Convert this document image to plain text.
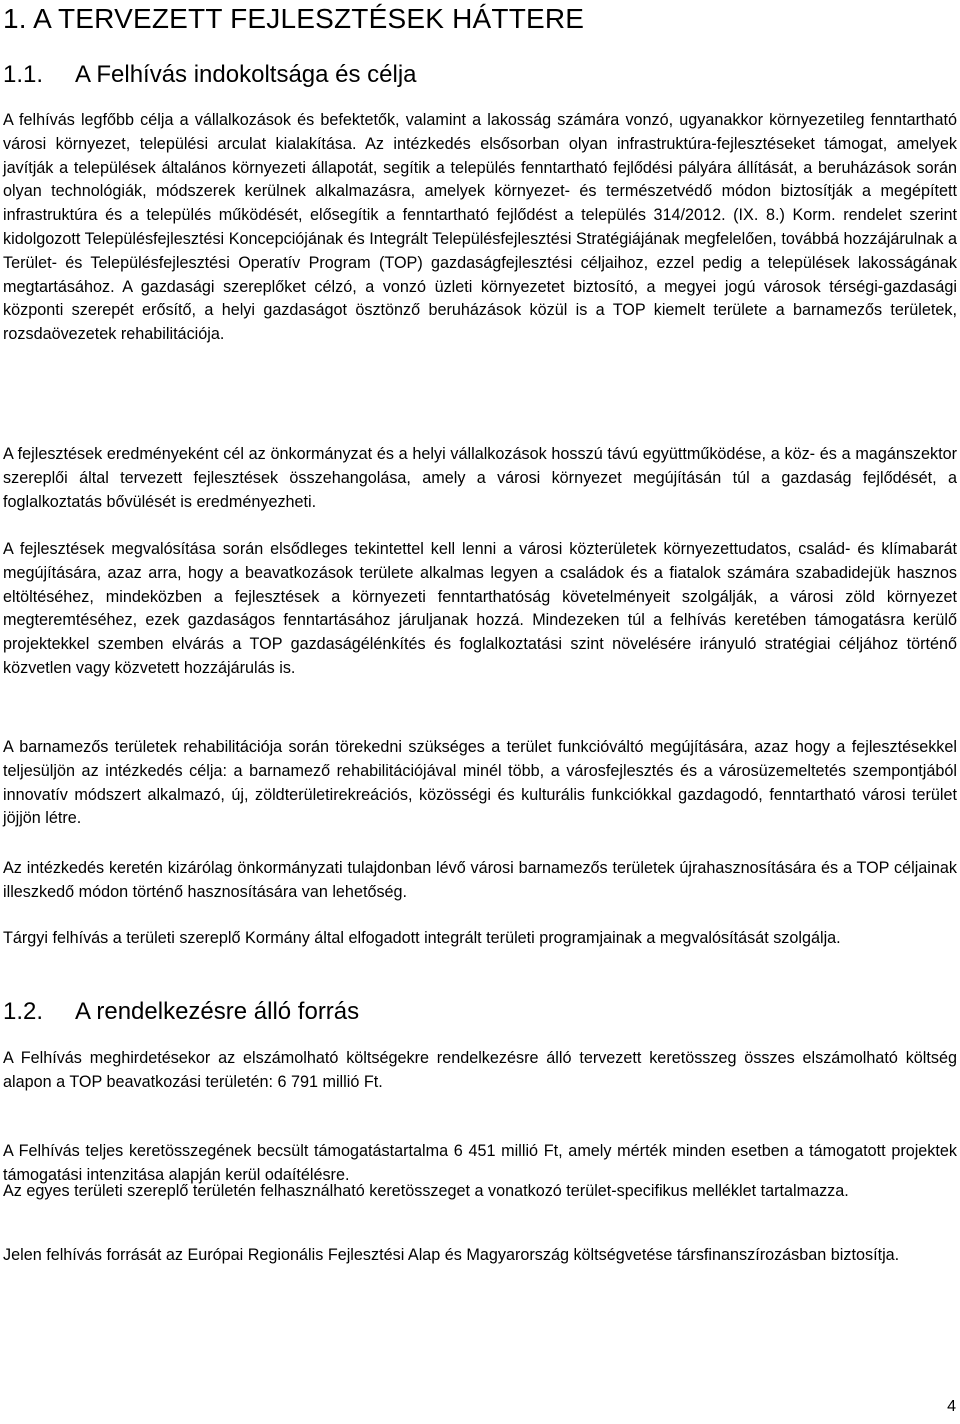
1. A TERVEZETT FEJLESZTÉSEK HÁTTERE
1.1. A Felhívás indokoltsága és célja

A felhívás legfőbb célja a vállalkozások és befektetők, valamint a lakosság számára vonzó, ugyanakkor környezetileg fenntartható városi környezet, települési arculat kialakítása. Az intézkedés elsősorban olyan infrastruktúra-fejlesztéseket támogat, amelyek javítják a települések általános környezeti állapotát, segítik a település fenntartható fejlődési pályára állítását, a beruházások során olyan technológiák, módszerek kerülnek alkalmazásra, amelyek környezet- és természetvédő módon biztosítják a megépített infrastruktúra és a település működését, elősegítik a fenntartható fejlődést a település 314/2012. (IX. 8.) Korm. rendelet szerint kidolgozott Településfejlesztési Koncepciójának és Integrált Településfejlesztési Stratégiájának megfelelően, továbbá hozzájárulnak a Terület- és Településfejlesztési Operatív Program (TOP) gazdaságfejlesztési céljaihoz, ezzel pedig a települések lakosságának megtartásához. A gazdasági szereplőket célzó, a vonzó üzleti környezetet biztosító, a megyei jogú városok térségi-gazdasági központi szerepét erősítő, a helyi gazdaságot ösztönző beruházások közül is a TOP kiemelt területe a barnamezős területek, rozsdaövezetek rehabilitációja.

A fejlesztések eredményeként cél az önkormányzat és a helyi vállalkozások hosszú távú együttműködése, a köz- és a magánszektor szereplői által tervezett fejlesztések összehangolása, amely a városi környezet megújításán túl a gazdaság fejlődését, a foglalkoztatás bővülését is eredményezheti.

A fejlesztések megvalósítása során elsődleges tekintettel kell lenni a városi közterületek környezettudatos, család- és klímabarát megújítására, azaz arra, hogy a beavatkozások területe alkalmas legyen a családok és a fiatalok számára szabadidejük hasznos eltöltéséhez, mindeközben a fejlesztések a környezeti fenntarthatóság követelményeit szolgálják, a városi zöld környezet megteremtéséhez, ezek gazdaságos fenntartásához járuljanak hozzá. Mindezeken túl a felhívás keretében támogatásra kerülő projektekkel szemben elvárás a TOP gazdaságélénkítés és foglalkoztatási szint növelésére irányuló stratégiai céljához történő közvetlen vagy közvetett hozzájárulás is.

A barnamezős területek rehabilitációja során törekedni szükséges a terület funkcióváltó megújítására, azaz hogy a fejlesztésekkel teljesüljön az intézkedés célja: a barnamező rehabilitációjával minél több, a városfejlesztés és a városüzemeltetés szempontjából innovatív módszert alkalmazó, új, zöldterületirekreációs, közösségi és kulturális funkciókkal gazdagodó, fenntartható városi terület jöjjön létre.

Az intézkedés keretén kizárólag önkormányzati tulajdonban lévő városi barnamezős területek újrahasznosítására és a TOP céljainak illeszkedő módon történő hasznosítására van lehetőség.

Tárgyi felhívás a területi szereplő Kormány által elfogadott integrált területi programjainak a megvalósítását szolgálja.

1.2. A rendelkezésre álló forrás

A Felhívás meghirdetésekor az elszámolható költségekre rendelkezésre álló tervezett keretösszeg összes elszámolható költség alapon a TOP beavatkozási területén: 6 791 millió Ft.

A Felhívás teljes keretösszegének becsült támogatástartalma 6 451 millió Ft, amely mérték minden esetben a támogatott projektek támogatási intenzitása alapján kerül odaítélésre.

Az egyes területi szereplő területén felhasználható keretösszeget a vonatkozó terület-specifikus melléklet tartalmazza.

Jelen felhívás forrását az Európai Regionális Fejlesztési Alap és Magyarország költségvetése társfinanszírozásban biztosítja.

4
